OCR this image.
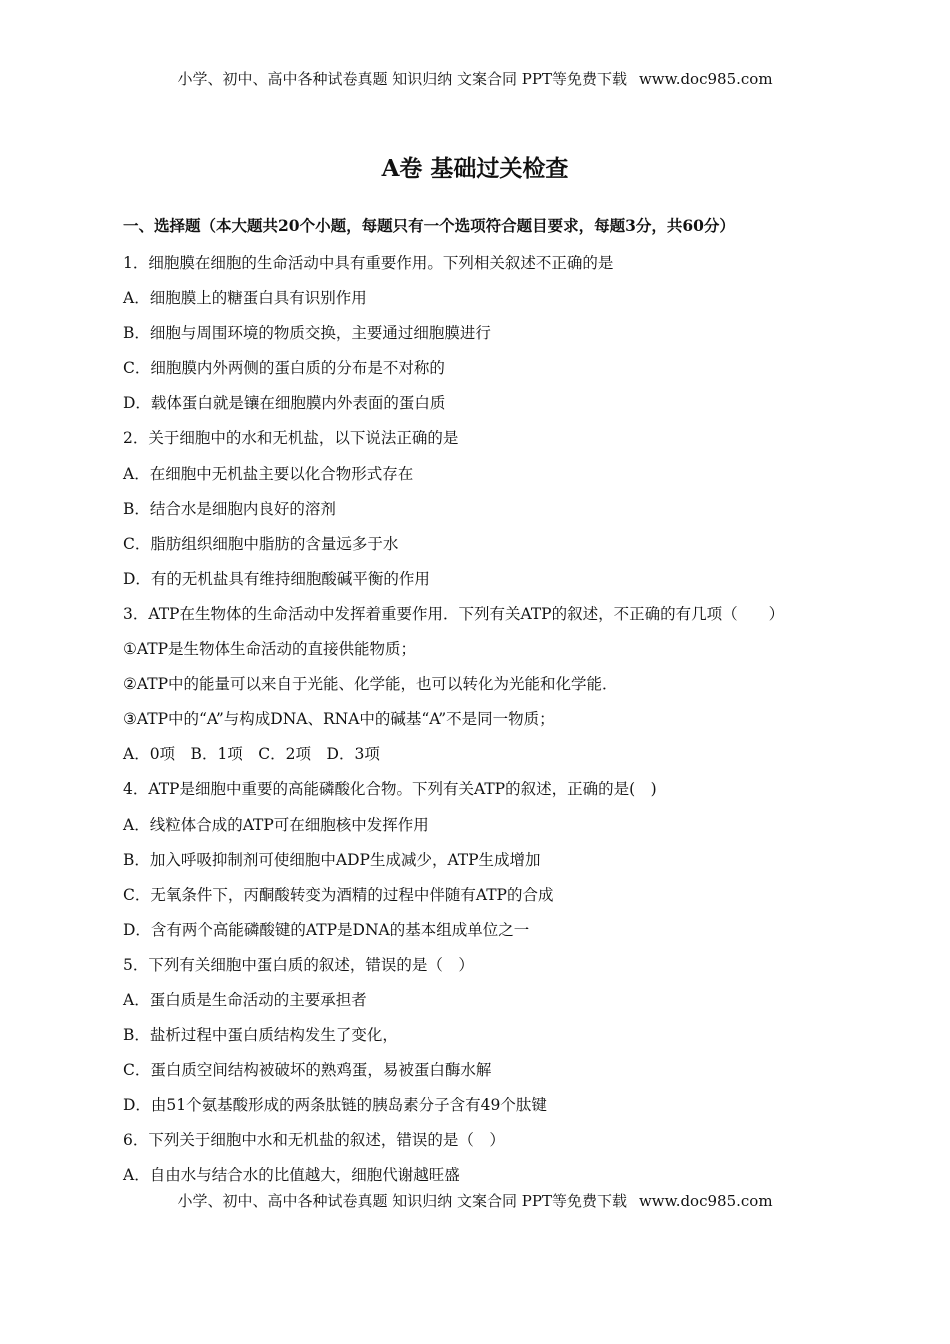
小学、初中、高中各种试卷真题 知识归纳 文案合同 PPT等免费下载 www.doc985.com
A卷 基础过关检查
一、选择题（本大题共20个小题，每题只有一个选项符合题目要求，每题3分，共60分）
1．细胞膜在细胞的生命活动中具有重要作用。下列相关叙述不正确的是
A．细胞膜上的糖蛋白具有识别作用
B．细胞与周围环境的物质交换，主要通过细胞膜进行
C．细胞膜内外两侧的蛋白质的分布是不对称的
D．载体蛋白就是镶在细胞膜内外表面的蛋白质
2．关于细胞中的水和无机盐，以下说法正确的是
A．在细胞中无机盐主要以化合物形式存在
B．结合水是细胞内良好的溶剂
C．脂肪组织细胞中脂肪的含量远多于水
D．有的无机盐具有维持细胞酸碱平衡的作用
3．ATP在生物体的生命活动中发挥着重要作用．下列有关ATP的叙述，不正确的有几项（　　）
①ATP是生物体生命活动的直接供能物质；
②ATP中的能量可以来自于光能、化学能，也可以转化为光能和化学能．
③ATP中的“A”与构成DNA、RNA中的碱基“A”不是同一物质；
A．0项　B．1项　C．2项　D．3项
4．ATP是细胞中重要的高能磷酸化合物。下列有关ATP的叙述，正确的是(　)
A．线粒体合成的ATP可在细胞核中发挥作用
B．加入呼吸抑制剂可使细胞中ADP生成减少，ATP生成增加
C．无氧条件下，丙酮酸转变为酒精的过程中伴随有ATP的合成
D．含有两个高能磷酸键的ATP是DNA的基本组成单位之一
5．下列有关细胞中蛋白质的叙述，错误的是（　）
A．蛋白质是生命活动的主要承担者
B．盐析过程中蛋白质结构发生了变化，
C．蛋白质空间结构被破坏的熟鸡蛋，易被蛋白酶水解
D．由51个氨基酸形成的两条肽链的胰岛素分子含有49个肽键
6．下列关于细胞中水和无机盐的叙述，错误的是（　）
A．自由水与结合水的比值越大，细胞代谢越旺盛
小学、初中、高中各种试卷真题 知识归纳 文案合同 PPT等免费下载 www.doc985.com
